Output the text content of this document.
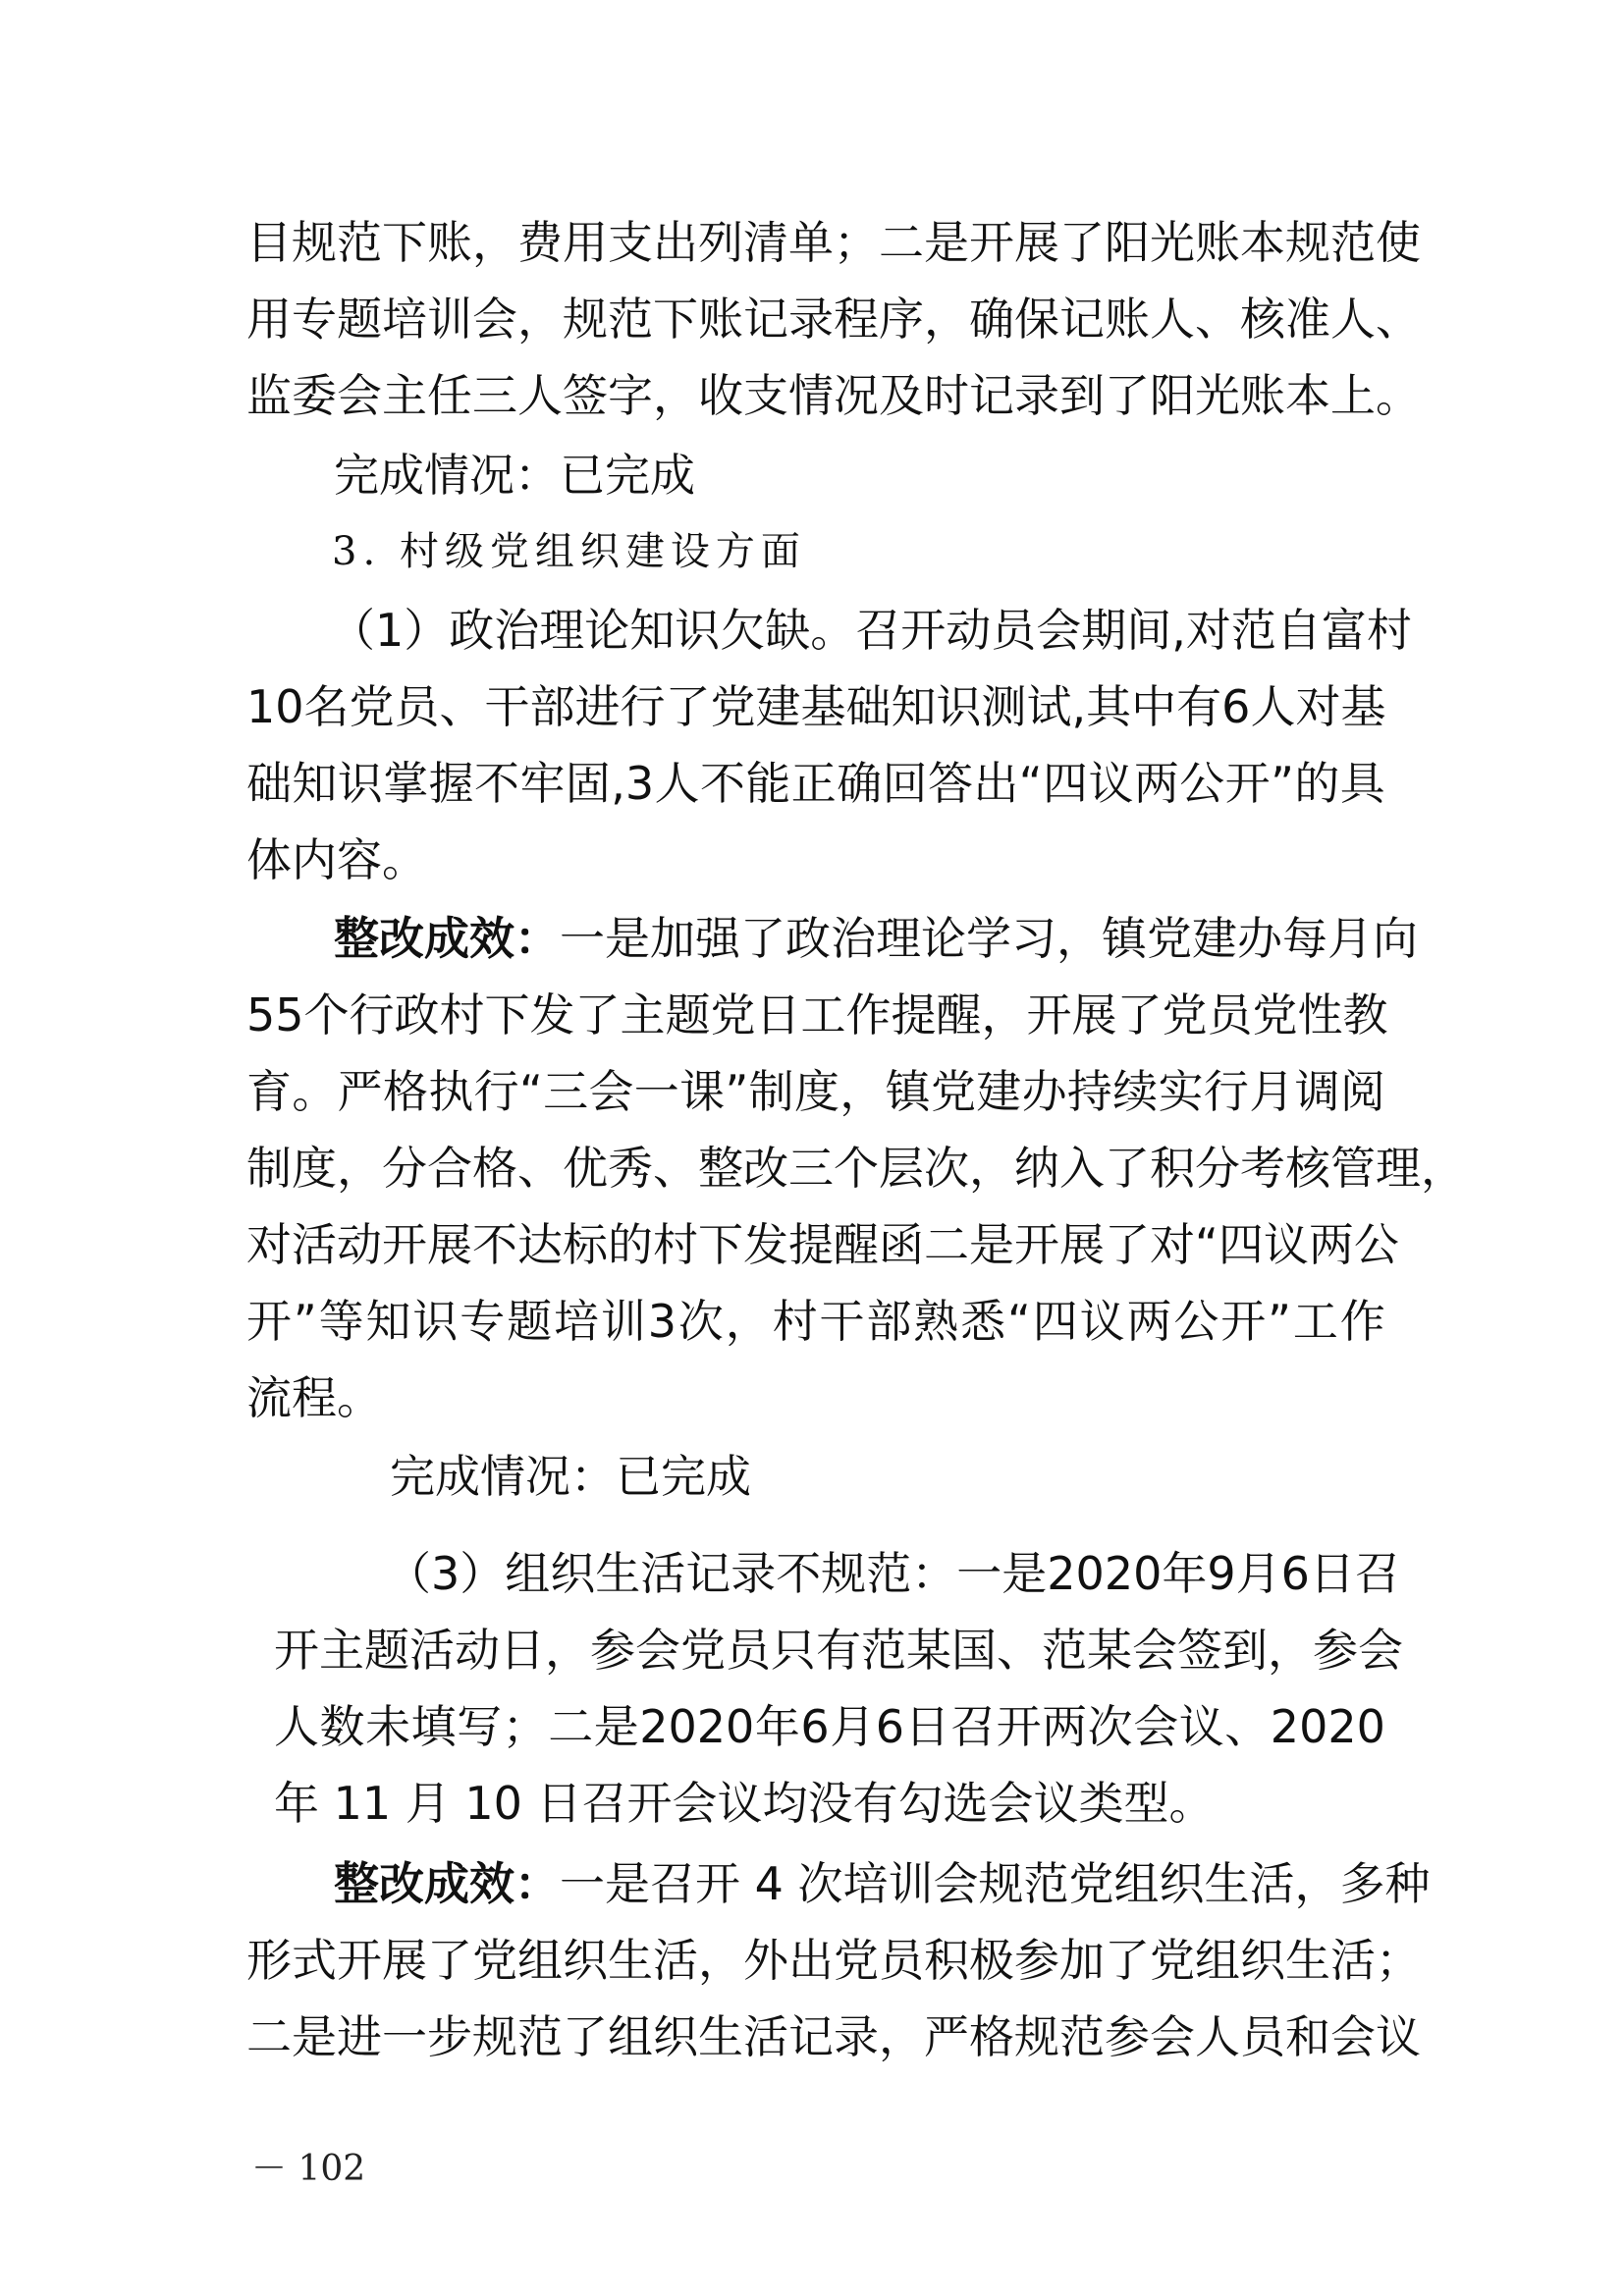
目 规 范 下 账 ， 费 用 支 出 列 清 单 ； 二 是 开 展 了 阳 光 账 本 规 范 使
用 专 题 培 训 会 ， 规 范 下 账 记 录 程 序 ， 确 保 记 账 人 、 核 准 人 、
监 委 会 主 任 三 人 签 字 ， 收 支 情 况 及 时 记 录 到 了 阳 光 账 本 上 。
完成情况：已完成
3. 村级党组织建设方面
（ 1 ） 政 治 理 论 知 识 欠 缺 。 召 开 动 员 会 期 间 , 对 范 自 富 村
10 名 党 员 、 干 部 进 行 了 党 建 基 础 知 识 测 试 , 其 中 有 6 人 对 基
础 知 识 掌 握 不 牢 固 ,3 人 不 能 正 确 回 答 出 “ 四 议 两 公 开 ” 的 具
体内容。
整改成效： 一是加强了政治理论学习，镇党建办每月向
55 个 行 政 村 下 发 了 主 题 党 日 工 作 提 醒 ， 开 展 了 党 员 党 性 教
育 。 严 格 执 行 “ 三 会 一 课 ” 制 度 ， 镇 党 建 办 持 续 实 行 月 调 阅
制 度 ， 分 合 格 、 优 秀 、 整 改 三 个 层 次 ， 纳 入 了 积 分 考 核 管 理 ，
对 活 动 开 展 不 达 标 的 村 下 发 提 醒 函 二 是 开 展 了 对 “ 四 议 两 公
开 ” 等 知 识 专 题 培 训 3 次 ， 村 干 部 熟 悉 “ 四 议 两 公 开 ” 工 作
流程。
完成情况：已完成
（ 3 ） 组 织 生 活 记 录 不 规 范 ： 一 是 2020 年 9 月 6 日 召
开 主 题 活 动 日 ， 参 会 党 员 只 有 范 某 国 、 范 某 会 签 到 ， 参 会
人 数 未 填 写 ； 二 是 2020 年 6 月 6 日 召 开 两 次 会 议 、 2020
年 11 月 10 日召开会议均没有勾选会议类型。
整改成效： 一是召开 4 次培训会规范党组织生活，多种
形 式 开 展 了 党 组 织 生 活 ， 外 出 党 员 积 极 参 加 了 党 组 织 生 活 ；
二 是 进 一 步 规 范 了 组 织 生 活 记 录 ， 严 格 规 范 参 会 人 员 和 会 议
－ 102
